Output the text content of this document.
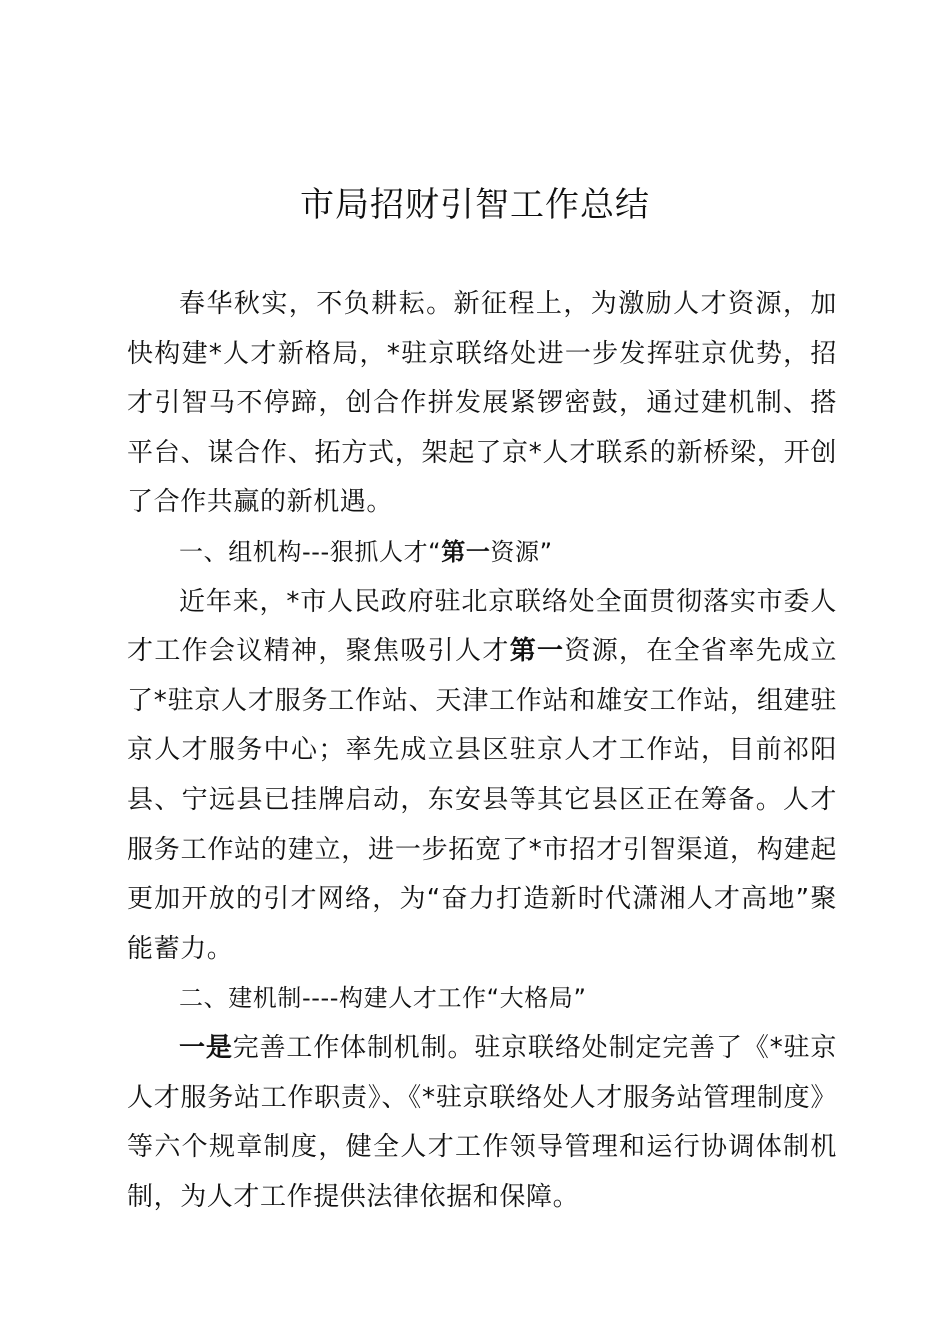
市局招财引智工作总结

春华秋实，不负耕耘。新征程上，为激励人才资源，加快构建*人才新格局，*驻京联络处进一步发挥驻京优势，招才引智马不停蹄，创合作拼发展紧锣密鼓，通过建机制、搭平台、谋合作、拓方式，架起了京*人才联系的新桥梁，开创了合作共赢的新机遇。

一、组机构---狠抓人才“第一资源”

近年来，*市人民政府驻北京联络处全面贯彻落实市委人才工作会议精神，聚焦吸引人才第一资源，在全省率先成立了*驻京人才服务工作站、天津工作站和雄安工作站，组建驻京人才服务中心；率先成立县区驻京人才工作站，目前祁阳县、宁远县已挂牌启动，东安县等其它县区正在筹备。人才服务工作站的建立，进一步拓宽了*市招才引智渠道，构建起更加开放的引才网络，为“奋力打造新时代潇湘人才高地”聚能蓄力。

二、建机制----构建人才工作“大格局”

一是完善工作体制机制。驻京联络处制定完善了《*驻京人才服务站工作职责》、《*驻京联络处人才服务站管理制度》等六个规章制度，健全人才工作领导管理和运行协调体制机制，为人才工作提供法律依据和保障。
